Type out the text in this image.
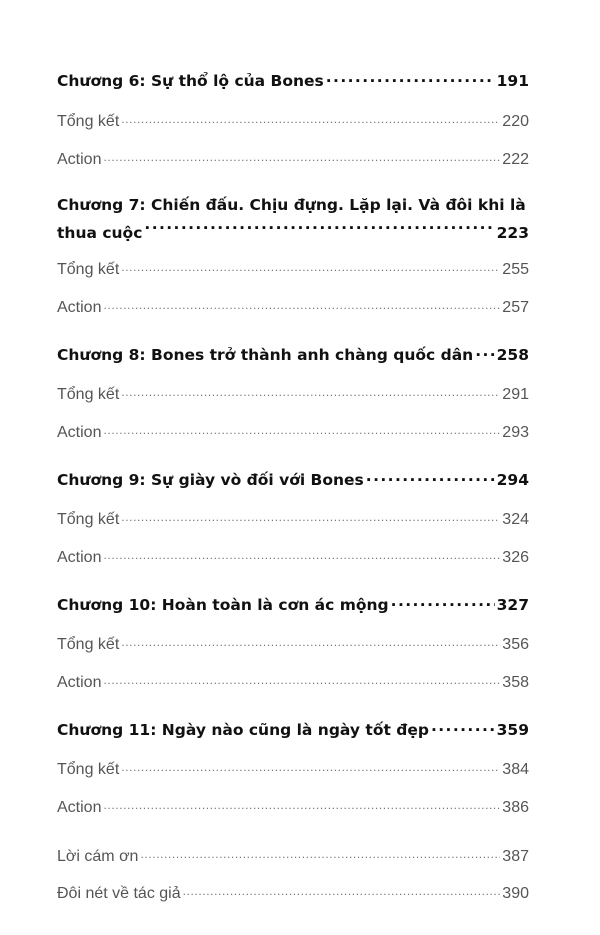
Chương 6: Sự thổ lộ của Bones .....	191
Tổng kết .....	220
Action .....	222
Chương 7: Chiến đấu. Chịu đựng. Lặp lại. Và đôi khi là
thua cuộc .....	223
Tổng kết .....	255
Action .....	257
Chương 8: Bones trở thành anh chàng quốc dân ..... 258
Tổng kết .....	291
Action .....	293
Chương 9: Sự giày vò đối với Bones .....	294
Tổng kết .....	324
Action .....	326
Chương 10: Hoàn toàn là cơn ác mộng .....	327
Tổng kết .....	356
Action .....	358
Chương 11: Ngày nào cũng là ngày tốt đẹp .....	359
Tổng kết .....	384
Action .....	386
Lời cám ơn .....	387
Đôi nét về tác giả .....	390
